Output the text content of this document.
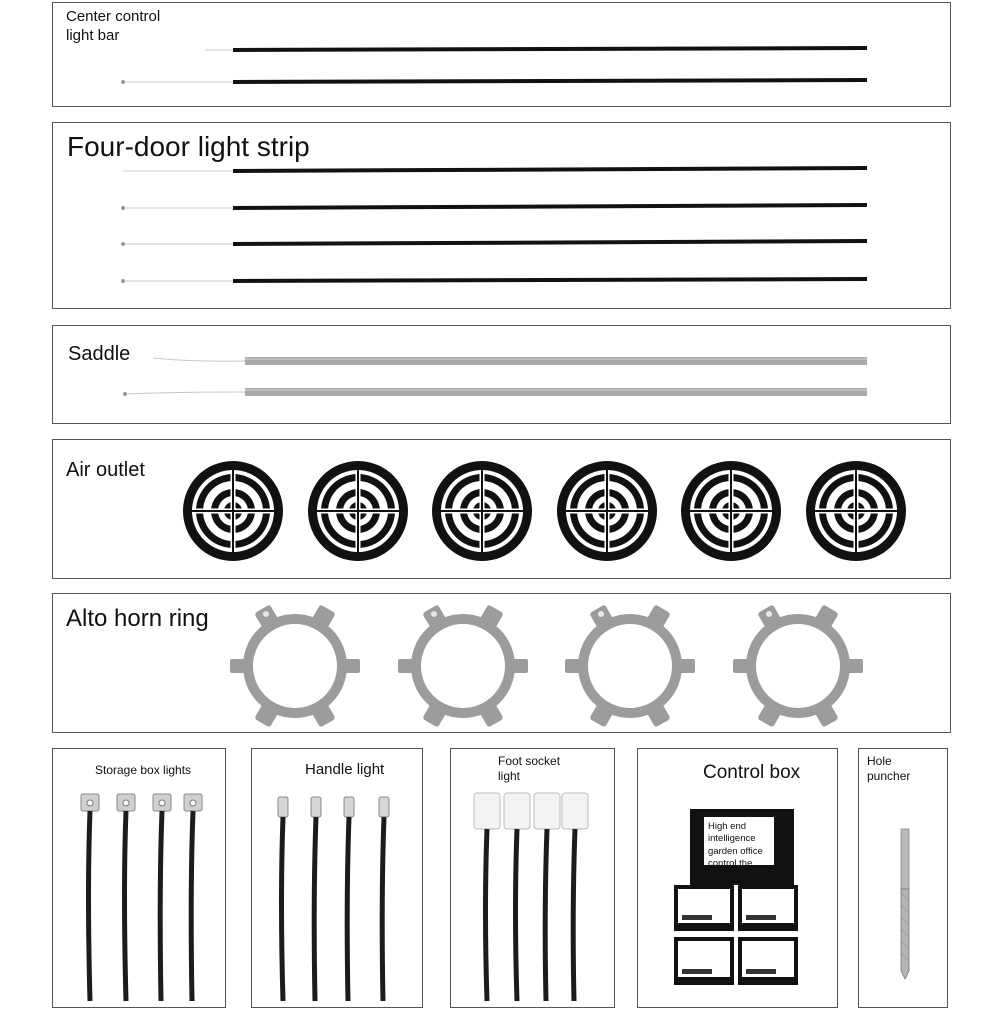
Center control
light bar
Four-door light strip
Saddle
Air outlet
Alto horn ring
Storage box lights	Handle light	Foot socket
light	Control box
High end
intelligence
garden office
control the
Hole
puncher
